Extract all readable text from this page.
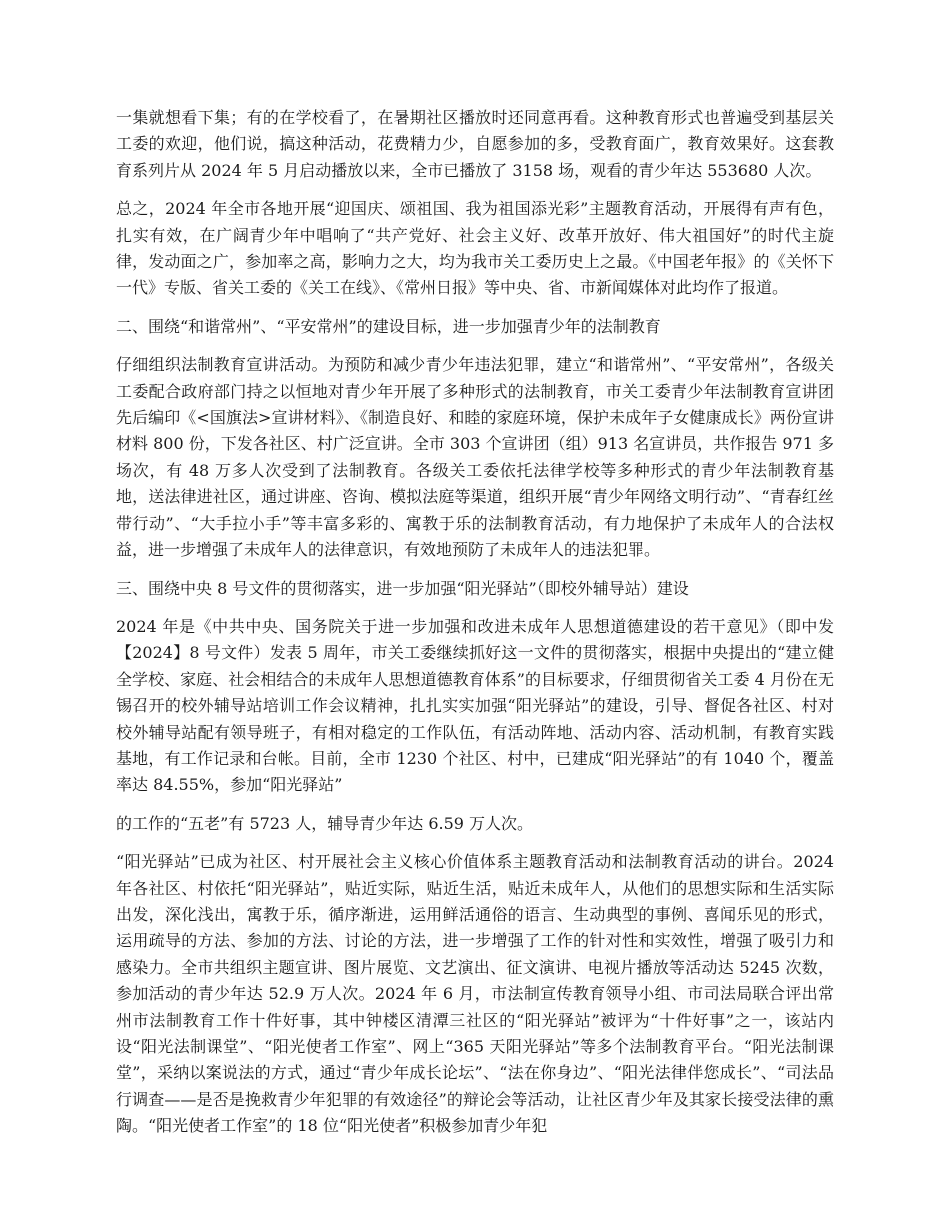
一集就想看下集；有的在学校看了，在暑期社区播放时还同意再看。这种教育形式也普遍受到基层关工委的欢迎，他们说，搞这种活动，花费精力少，自愿参加的多，受教育面广，教育效果好。这套教育系列片从 2024 年 5 月启动播放以来，全市已播放了 3158 场，观看的青少年达 553680 人次。

总之，2024 年全市各地开展“迎国庆、颂祖国、我为祖国添光彩”主题教育活动，开展得有声有色，扎实有效，在广阔青少年中唱响了“共产党好、社会主义好、改革开放好、伟大祖国好”的时代主旋律，发动面之广，参加率之高，影响力之大，均为我市关工委历史上之最。《中国老年报》的《关怀下一代》专版、省关工委的《关工在线》、《常州日报》等中央、省、市新闻媒体对此均作了报道。

二、围绕“和谐常州”、“平安常州”的建设目标，进一步加强青少年的法制教育

仔细组织法制教育宣讲活动。为预防和减少青少年违法犯罪，建立“和谐常州”、“平安常州”，各级关工委配合政府部门持之以恒地对青少年开展了多种形式的法制教育，市关工委青少年法制教育宣讲团先后编印《<国旗法>宣讲材料》、《制造良好、和睦的家庭环境，保护未成年子女健康成长》两份宣讲材料 800 份，下发各社区、村广泛宣讲。全市 303 个宣讲团（组）913 名宣讲员，共作报告 971 多场次，有 48 万多人次受到了法制教育。各级关工委依托法律学校等多种形式的青少年法制教育基地，送法律进社区，通过讲座、咨询、模拟法庭等渠道，组织开展“青少年网络文明行动”、“青春红丝带行动”、“大手拉小手”等丰富多彩的、寓教于乐的法制教育活动，有力地保护了未成年人的合法权益，进一步增强了未成年人的法律意识，有效地预防了未成年人的违法犯罪。

三、围绕中央 8 号文件的贯彻落实，进一步加强“阳光驿站”（即校外辅导站）建设

2024 年是《中共中央、国务院关于进一步加强和改进未成年人思想道德建设的若干意见》（即中发【2024】8 号文件）发表 5 周年，市关工委继续抓好这一文件的贯彻落实，根据中央提出的“建立健全学校、家庭、社会相结合的未成年人思想道德教育体系”的目标要求，仔细贯彻省关工委 4 月份在无锡召开的校外辅导站培训工作会议精神，扎扎实实加强“阳光驿站”的建设，引导、督促各社区、村对校外辅导站配有领导班子，有相对稳定的工作队伍，有活动阵地、活动内容、活动机制，有教育实践基地，有工作记录和台帐。目前，全市 1230 个社区、村中，已建成“阳光驿站”的有 1040 个，覆盖率达 84.55%，参加“阳光驿站”

的工作的“五老”有 5723 人，辅导青少年达 6.59 万人次。

“阳光驿站”已成为社区、村开展社会主义核心价值体系主题教育活动和法制教育活动的讲台。2024 年各社区、村依托“阳光驿站”，贴近实际，贴近生活，贴近未成年人，从他们的思想实际和生活实际出发，深化浅出，寓教于乐，循序渐进，运用鲜活通俗的语言、生动典型的事例、喜闻乐见的形式，运用疏导的方法、参加的方法、讨论的方法，进一步增强了工作的针对性和实效性，增强了吸引力和感染力。全市共组织主题宣讲、图片展览、文艺演出、征文演讲、电视片播放等活动达 5245 次数，参加活动的青少年达 52.9 万人次。2024 年 6 月，市法制宣传教育领导小组、市司法局联合评出常州市法制教育工作十件好事，其中钟楼区清潭三社区的“阳光驿站”被评为“十件好事”之一，该站内设“阳光法制课堂”、“阳光使者工作室”、网上“365 天阳光驿站”等多个法制教育平台。“阳光法制课堂”，采纳以案说法的方式，通过“青少年成长论坛”、“法在你身边”、“阳光法律伴您成长”、“司法品行调查——是否是挽救青少年犯罪的有效途径”的辩论会等活动，让社区青少年及其家长接受法律的熏陶。“阳光使者工作室”的 18 位“阳光使者”积极参加青少年犯
